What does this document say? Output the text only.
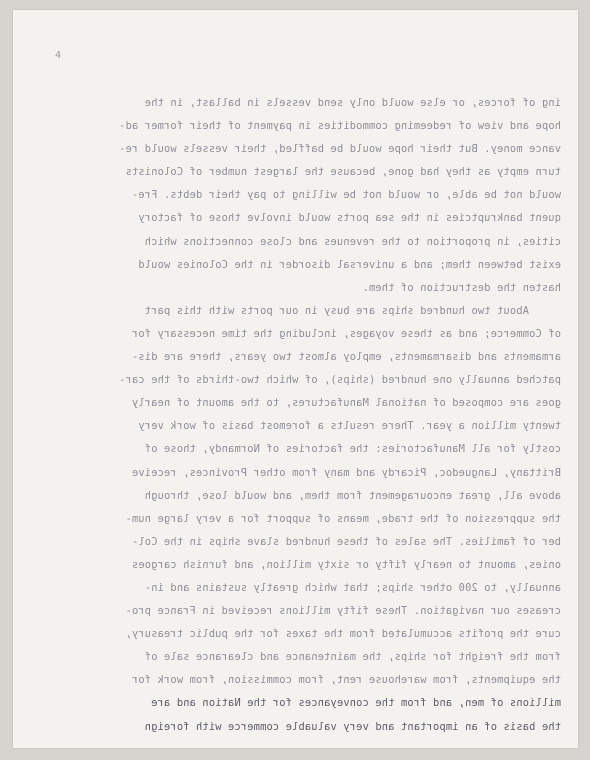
4
ing of forces, or else would only send vessels in ballast, in the
hope and view of redeeming commodities in payment of their former ad-
vance money. But their hope would be baffled, their vessels would re-
turn empty as they had gone, because the largest number of Colonists
would not be able, or would not be willing to pay their debts. Fre-
quent bankruptcies in the sea ports would involve those of factory
cities, in proportion to the revenues and close connections which
exist between them; and a universal disorder in the Colonies would
hasten the destruction of them.
About two hundred ships are busy in our ports with this part
of Commerce; and as these voyages, including the time necessary for
armaments and disarmaments, employ almost two years, there are dis-
patched annually one hundred (ships), of which two-thirds of the car-
goes are composed of national Manufactures, to the amount of nearly
twenty million a year. There results a foremost basis of work very
costly for all Manufactories: the factories of Normandy, those of
Brittany, Languedoc, Picardy and many from other Provinces, receive
above all, great encouragement from them, and would lose, through
the suppression of the trade, means of support for a very large num-
ber of families. The sales of these hundred slave ships in the Col-
onies, amount to nearly fifty or sixty million, and furnish cargoes
annually, to 200 other ships; that which greatly sustains and in-
creases our navigation. These fifty millions received in France pro-
cure the profits accumulated from the taxes for the public treasury,
from the freight for ships, the maintenance and clearance sale of
the equipments, from warehouse rent, from commission, from work for
millions of men, and from the conveyances for the Nation and are
the basis of an important and very valuable commerce with foreign
